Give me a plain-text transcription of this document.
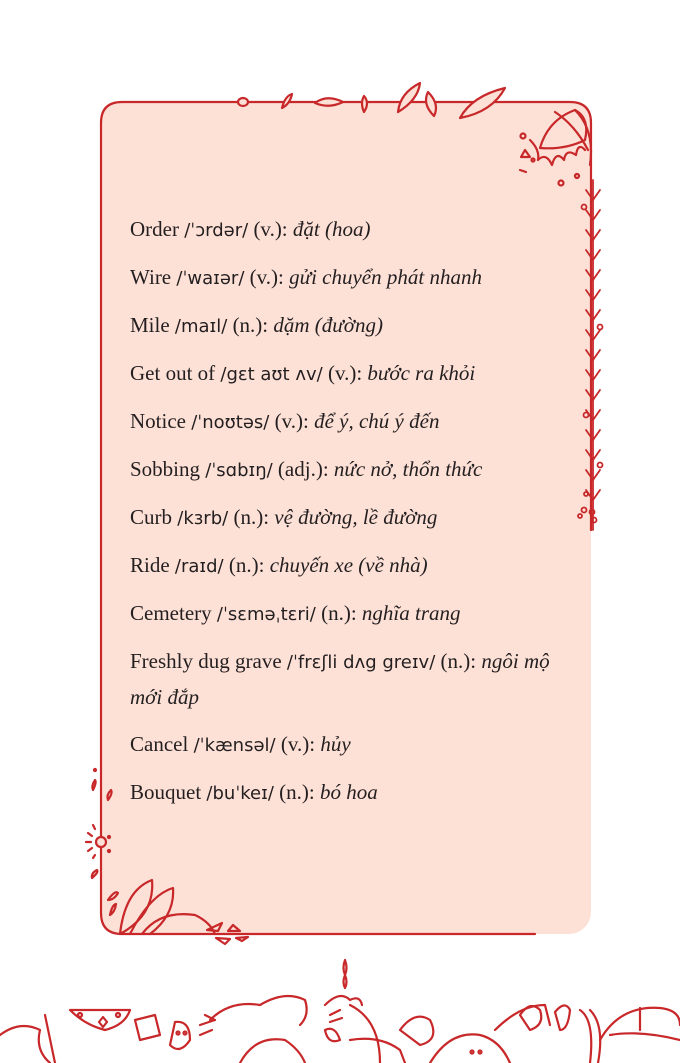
Order /ˈɔrdər/ (v.): đặt (hoa)
Wire /ˈwaɪər/ (v.): gửi chuyển phát nhanh
Mile /maɪl/ (n.): dặm (đường)
Get out of /gɛt aʊt ʌv/ (v.): bước ra khỏi
Notice /ˈnoʊtəs/ (v.): để ý, chú ý đến
Sobbing /ˈsɑbɪŋ/ (adj.): nức nở, thổn thức
Curb /kɜrb/ (n.): vệ đường, lề đường
Ride /raɪd/ (n.): chuyến xe (về nhà)
Cemetery /ˈsɛməˌtɛri/ (n.): nghĩa trang
Freshly dug grave /ˈfrɛʃli dʌg greɪv/ (n.): ngôi mộ mới đắp
Cancel /ˈkænsəl/ (v.): hủy
Bouquet /buˈkeɪ/ (n.): bó hoa
